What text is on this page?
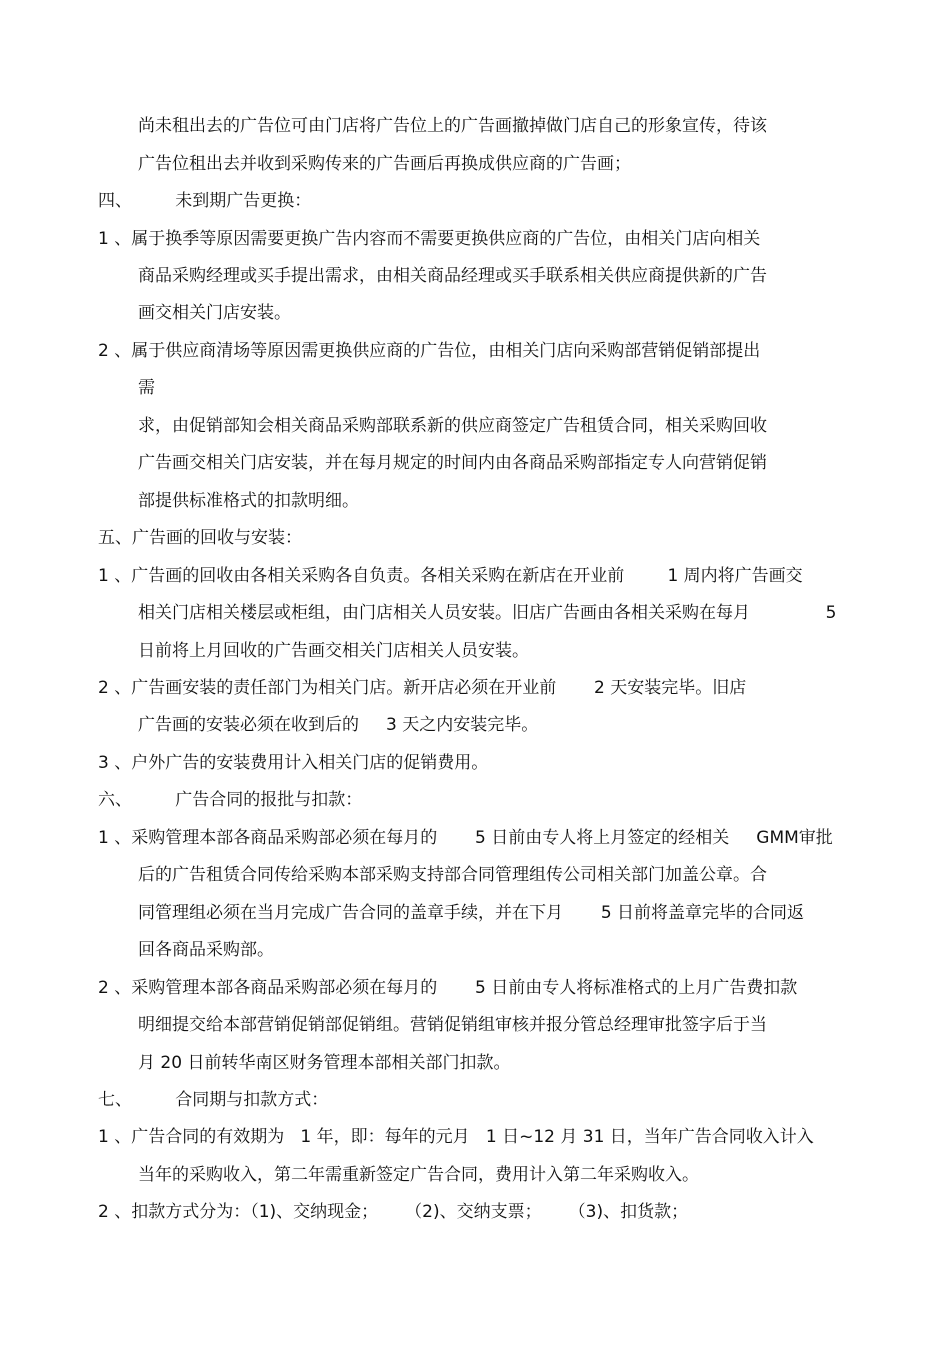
尚未租出去的广告位可由门店将广告位上的广告画撤掉做门店自己的形象宣传，待该
广告位租出去并收到采购传来的广告画后再换成供应商的广告画；
四、        未到期广告更换：
1 、属于换季等原因需要更换广告内容而不需要更换供应商的广告位，由相关门店向相关
商品采购经理或买手提出需求，由相关商品经理或买手联系相关供应商提供新的广告
画交相关门店安装。
2 、属于供应商清场等原因需更换供应商的广告位，由相关门店向采购部营销促销部提出
需
求，由促销部知会相关商品采购部联系新的供应商签定广告租赁合同，相关采购回收
广告画交相关门店安装，并在每月规定的时间内由各商品采购部指定专人向营销促销
部提供标准格式的扣款明细。
五、广告画的回收与安装：
1 、广告画的回收由各相关采购各自负责。各相关采购在新店在开业前        1 周内将广告画交
相关门店相关楼层或柜组，由门店相关人员安装。旧店广告画由各相关采购在每月              5
日前将上月回收的广告画交相关门店相关人员安装。
2 、广告画安装的责任部门为相关门店。新开店必须在开业前       2 天安装完毕。旧店
广告画的安装必须在收到后的     3 天之内安装完毕。
3 、户外广告的安装费用计入相关门店的促销费用。
六、        广告合同的报批与扣款：
1 、采购管理本部各商品采购部必须在每月的       5 日前由专人将上月签定的经相关     GMM审批
后的广告租赁合同传给采购本部采购支持部合同管理组传公司相关部门加盖公章。合
同管理组必须在当月完成广告合同的盖章手续，并在下月       5 日前将盖章完毕的合同返
回各商品采购部。
2 、采购管理本部各商品采购部必须在每月的       5 日前由专人将标准格式的上月广告费扣款
明细提交给本部营销促销部促销组。营销促销组审核并报分管总经理审批签字后于当
月 20 日前转华南区财务管理本部相关部门扣款。
七、        合同期与扣款方式：
1 、广告合同的有效期为   1 年，即：每年的元月   1 日~12 月 31 日，当年广告合同收入计入
当年的采购收入，第二年需重新签定广告合同，费用计入第二年采购收入。
2 、扣款方式分为：（1)、交纳现金；     （2)、交纳支票；     （3)、扣货款；
